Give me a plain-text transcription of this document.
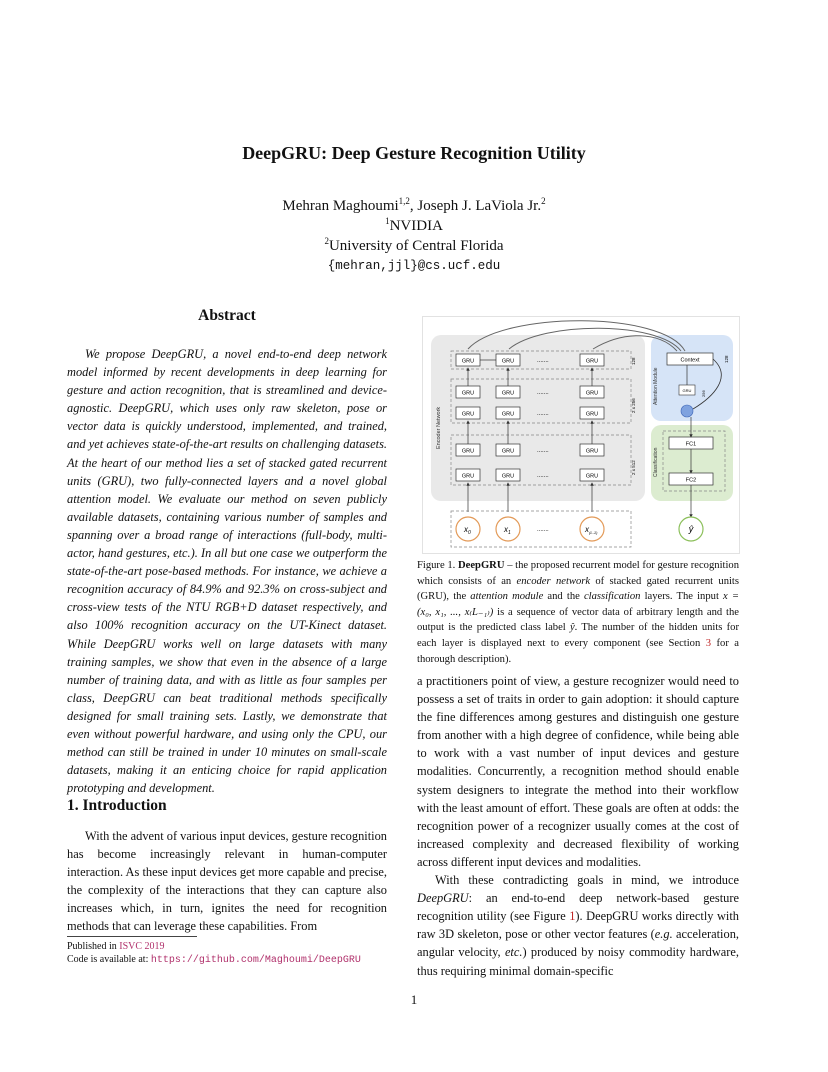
DeepGRU: Deep Gesture Recognition Utility
Mehran Maghoumi$^{1,2}$, Joseph J. LaViola Jr.$^2$
$^1$NVIDIA
$^2$University of Central Florida
{mehran,jjl}@cs.ucf.edu
Abstract

We propose DeepGRU, a novel end-to-end deep network model informed by recent developments in deep learning for gesture and action recognition, that is streamlined and device-agnostic. DeepGRU, which uses only raw skeleton, pose or vector data is quickly understood, implemented, and trained, and yet achieves state-of-the-art results on challenging datasets. At the heart of our method lies a set of stacked gated recurrent units (GRU), two fully-connected layers and a novel global attention model. We evaluate our method on seven publicly available datasets, containing various number of samples and spanning over a broad range of interactions (full-body, multi-actor, hand gestures, etc.). In all but one case we outperform the state-of-the-art pose-based methods. For instance, we achieve a recognition accuracy of 84.9% and 92.3% on cross-subject and cross-view tests of the NTU RGB+D dataset respectively, and also 100% recognition accuracy on the UT-Kinect dataset. While DeepGRU works well on large datasets with many training samples, we show that even in the absence of a large number of training data, and with as little as four samples per class, DeepGRU can beat traditional methods specifically designed for small training sets. Lastly, we demonstrate that even without powerful hardware, and using only the CPU, our method can still be trained in under 10 minutes on small-scale datasets, making it an enticing choice for rapid application prototyping and development.

1. Introduction

With the advent of various input devices, gesture recognition has become increasingly relevant in human-computer interaction. As these input devices get more capable and precise, the complexity of the interactions that they can capture also increases which, in turn, ignites the need for recognition methods that can leverage these capabilities. From

Published in ISVC 2019
Code is available at: https://github.com/Maghoumi/DeepGRU
Encoder Network
Attention Module
Classification
GRU	GRU	GRU
.......	128
GRU	GRU	GRU
GRU	GRU	GRU
.......
.......
2 x 256
GRU	GRU	GRU
GRU	GRU	GRU
.......
.......
2 x 512
$x_0$	$x_1$	.......	$x_{(L-1)}$
Context	128
GRU 256
FC1
FC2
ŷ
Figure 1. DeepGRU – the proposed recurrent model for gesture recognition which consists of an encoder network of stacked gated recurrent units (GRU), the attention module and the classification layers. The input x = (x₀, x₁, ..., x₍L₋₁₎) is a sequence of vector data of arbitrary length and the output is the predicted class label ŷ. The number of the hidden units for each layer is displayed next to every component (see Section 3 for a thorough description).

a practitioners point of view, a gesture recognizer would need to possess a set of traits in order to gain adoption: it should capture the fine differences among gestures and distinguish one gesture from another with a high degree of confidence, while being able to work with a vast number of input devices and gesture modalities. Concurrently, a recognition method should enable system designers to integrate the method into their workflow with the least amount of effort. These goals are often at odds: the recognition power of a recognizer usually comes at the cost of increased complexity and decreased flexibility of working across different input devices and modalities.

With these contradicting goals in mind, we introduce DeepGRU: an end-to-end deep network-based gesture recognition utility (see Figure 1). DeepGRU works directly with raw 3D skeleton, pose or other vector features (e.g. acceleration, angular velocity, etc.) produced by noisy commodity hardware, thus requiring minimal domain-specific

1
